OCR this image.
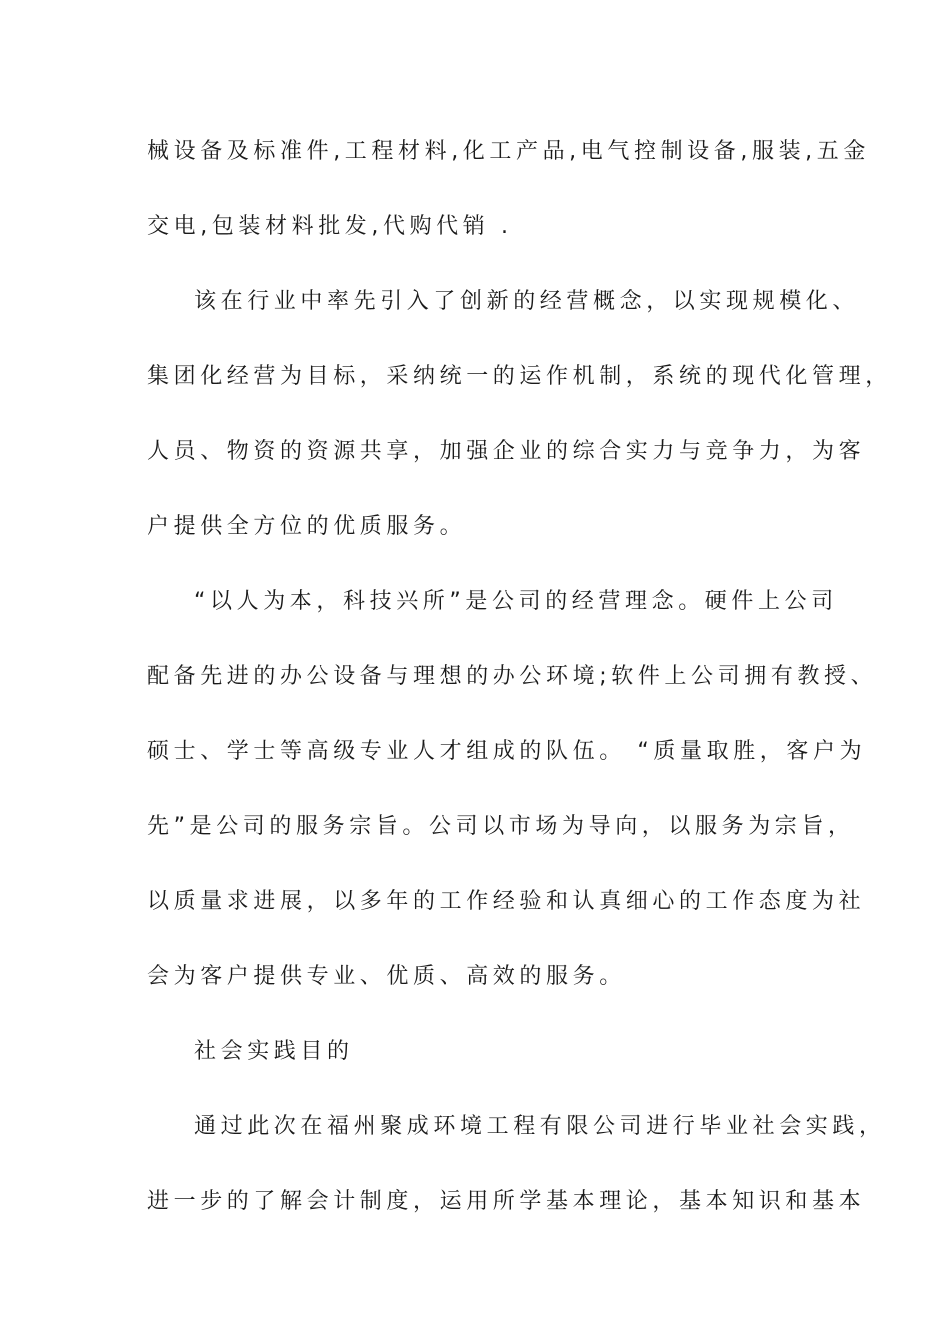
械设备及标准件,工程材料,化工产品,电气控制设备,服装,五金
交电,包装材料批发,代购代销 .
该在行业中率先引入了创新的经营概念，以实现规模化、
集团化经营为目标，采纳统一的运作机制，系统的现代化管理，
人员、物资的资源共享，加强企业的综合实力与竞争力，为客
户提供全方位的优质服务。
“以人为本，科技兴所”是公司的经营理念。硬件上公司
配备先进的办公设备与理想的办公环境;软件上公司拥有教授、
硕士、学士等高级专业人才组成的队伍。 “质量取胜，客户为
先”是公司的服务宗旨。公司以市场为导向，以服务为宗旨，
以质量求进展，以多年的工作经验和认真细心的工作态度为社
会为客户提供专业、优质、高效的服务。
社会实践目的
通过此次在福州聚成环境工程有限公司进行毕业社会实践，
进一步的了解会计制度，运用所学基本理论，基本知识和基本
